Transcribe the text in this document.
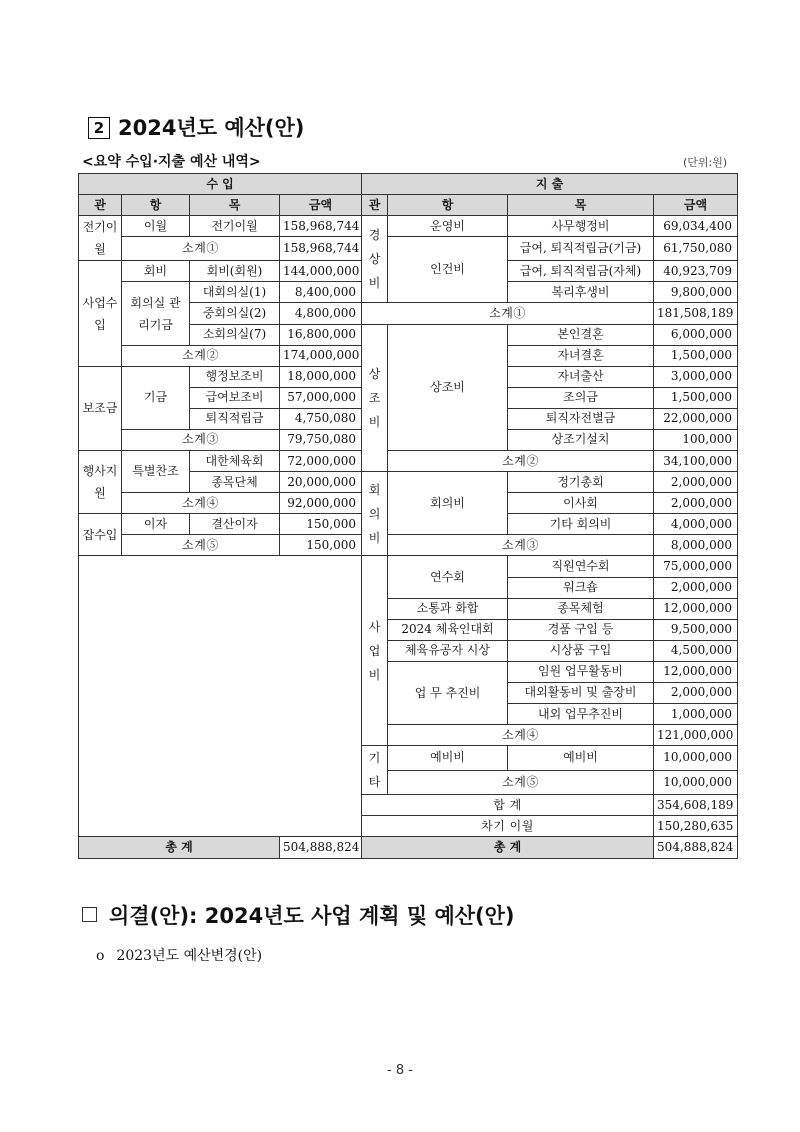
2 2024년도 예산(안)
<요약 수입·지출 예산 내역>	(단위:원)
수 입				지 출			
관	항	목	금액	관	항	목	금액
전기이월	이월	전기이월	158,968,744	경상비	운영비	사무행정비	69,034,400
	소계①		158,968,744		인건비	급여, 퇴직적립금(기금)	61,750,080
사업수입	회비	회비(회원)	144,000,000			급여, 퇴직적립금(자체)	40,923,709
	회의실 관리기금	대회의실(1)	8,400,000			복리후생비	9,800,000
		중회의실(2)	4,800,000	소계①			181,508,189
		소회의실(7)	16,800,000	상조비	상조비	본인결혼	6,000,000
	소계②		174,000,000			자녀결혼	1,500,000
보조금	기금	행정보조비	18,000,000			자녀출산	3,000,000
		급여보조비	57,000,000			조의금	1,500,000
		퇴직적립금	4,750,080			퇴직자전별금	22,000,000
	소계③		79,750,080			상조기설치	100,000
행사지원	특별찬조	대한체육회	72,000,000		소계②		34,100,000
		종목단체	20,000,000	회의비	회의비	정기총회	2,000,000
	소계④		92,000,000			이사회	2,000,000
잡수입	이자	결산이자	150,000			기타 회의비	4,000,000
	소계⑤		150,000		소계③		8,000,000
				사업비	연수회	직원연수회	75,000,000
						워크숍	2,000,000
					소통과 화합	종목체험	12,000,000
					2024 체육인대회	경품 구입 등	9,500,000
					체육유공자 시상	시상품 구입	4,500,000
					업 무 추진비	임원 업무활동비	12,000,000
						대외활동비 및 출장비	2,000,000
						내외 업무추진비	1,000,000
					소계④		121,000,000
				기타	예비비	예비비	10,000,000
					소계⑤		10,000,000
				합 계			354,608,189
				차기 이월			150,280,635
총 계			504,888,824	총 계			504,888,824
의결(안): 2024년도 사업 계획 및 예산(안)
o 2023년도 예산변경(안)
- 8 -
